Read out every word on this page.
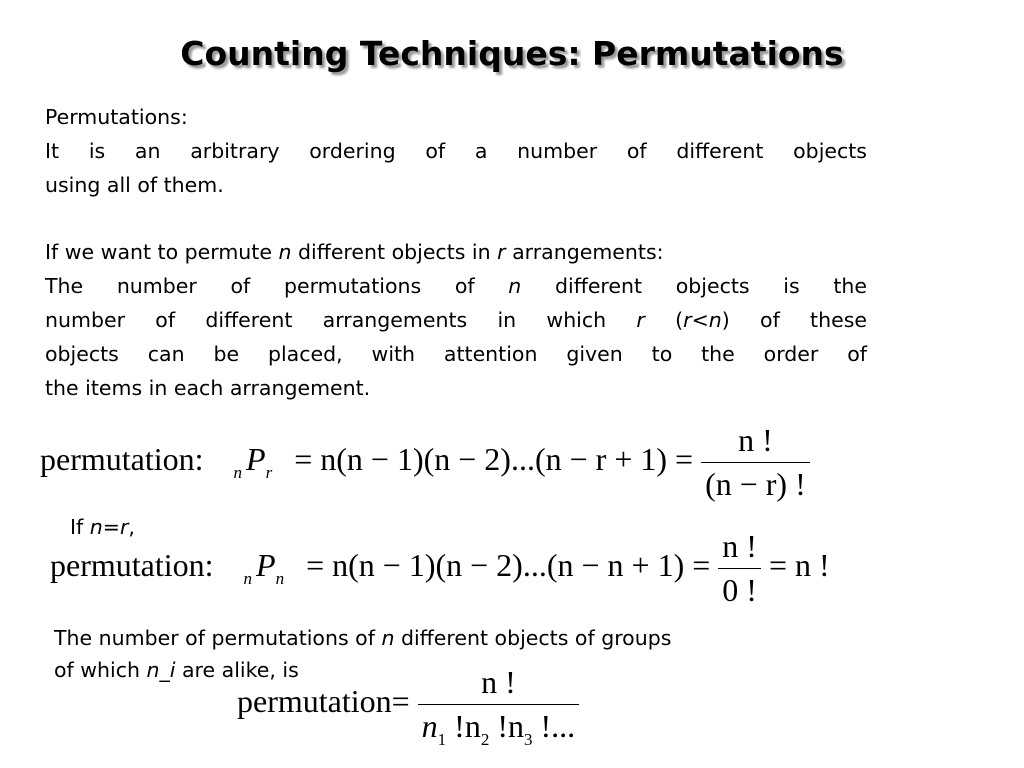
Counting Techniques: Permutations
Permutations:
It is an arbitrary ordering of a number of different objects
using all of them.
If we want to permute n different objects in r arrangements:
The number of permutations of n different objects is the
number of different arrangements in which r (r<n) of these
objects can be placed, with attention given to the order of
the items in each arrangement.
permutation: $_n$ $P_r = n(n - 1)(n - 2)...(n - r + 1) = \frac{n !}{(n - r) !}$
If n=r,
permutation: $_n$ $P_n = n(n - 1)(n - 2)...(n - n + 1) = \frac{n !}{0 !} = n$ !
The number of permutations of n different objects of groups
of which n_i are alike, is
permutation= $\frac{n !}{n_1 !n_2 !n_3 !...}$
